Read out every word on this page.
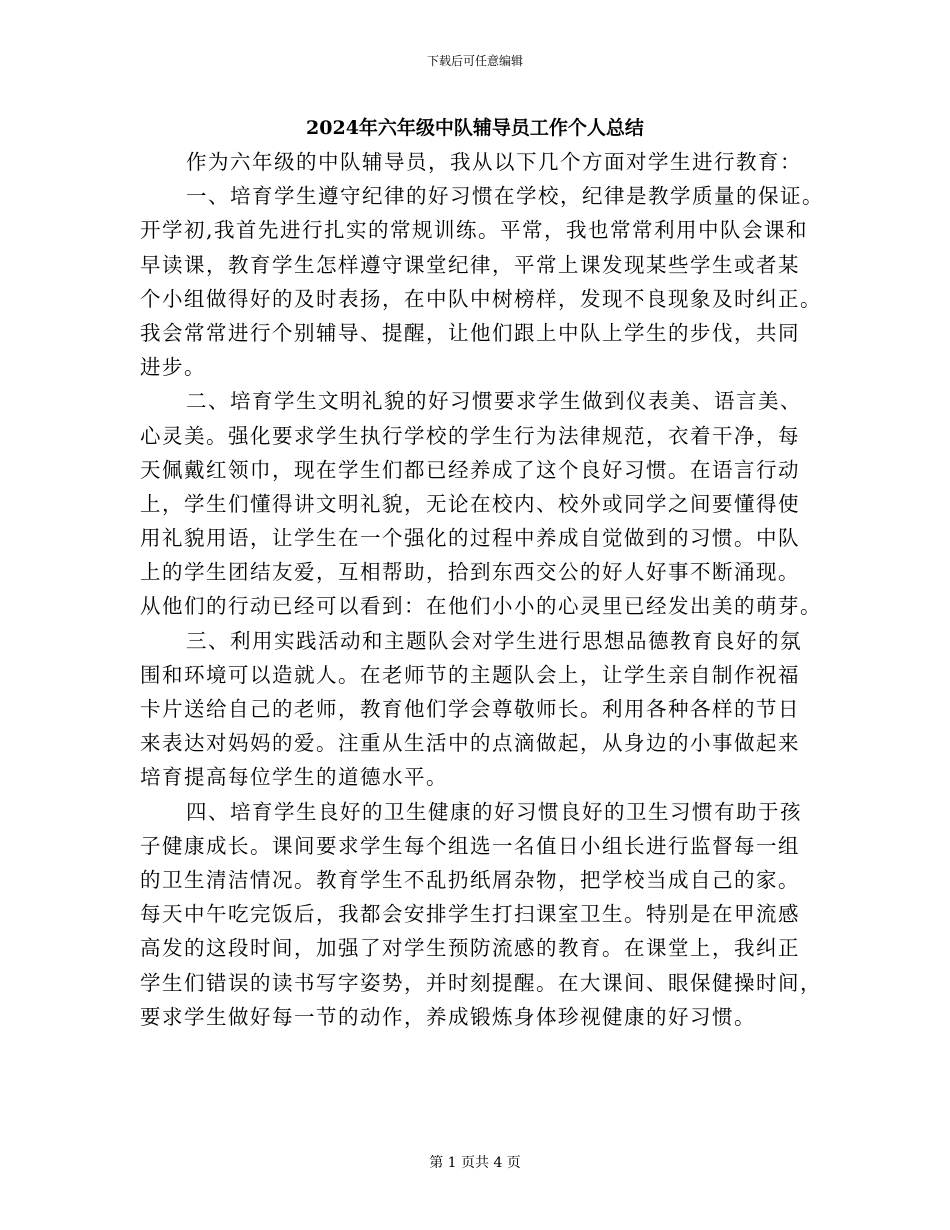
下载后可任意编辑
2024年六年级中队辅导员工作个人总结
作为六年级的中队辅导员，我从以下几个方面对学生进行教育：
一、培育学生遵守纪律的好习惯在学校，纪律是教学质量的保证。
开学初,我首先进行扎实的常规训练。平常，我也常常利用中队会课和
早读课，教育学生怎样遵守课堂纪律，平常上课发现某些学生或者某
个小组做得好的及时表扬，在中队中树榜样，发现不良现象及时纠正。
我会常常进行个别辅导、提醒，让他们跟上中队上学生的步伐，共同
进步。
二、培育学生文明礼貌的好习惯要求学生做到仪表美、语言美、
心灵美。强化要求学生执行学校的学生行为法律规范，衣着干净，每
天佩戴红领巾，现在学生们都已经养成了这个良好习惯。在语言行动
上，学生们懂得讲文明礼貌，无论在校内、校外或同学之间要懂得使
用礼貌用语，让学生在一个强化的过程中养成自觉做到的习惯。中队
上的学生团结友爱，互相帮助，拾到东西交公的好人好事不断涌现。
从他们的行动已经可以看到：在他们小小的心灵里已经发出美的萌芽。
三、利用实践活动和主题队会对学生进行思想品德教育良好的氛
围和环境可以造就人。在老师节的主题队会上，让学生亲自制作祝福
卡片送给自己的老师，教育他们学会尊敬师长。利用各种各样的节日
来表达对妈妈的爱。注重从生活中的点滴做起，从身边的小事做起来
培育提高每位学生的道德水平。
四、培育学生良好的卫生健康的好习惯良好的卫生习惯有助于孩
子健康成长。课间要求学生每个组选一名值日小组长进行监督每一组
的卫生清洁情况。教育学生不乱扔纸屑杂物，把学校当成自己的家。
每天中午吃完饭后，我都会安排学生打扫课室卫生。特别是在甲流感
高发的这段时间，加强了对学生预防流感的教育。在课堂上，我纠正
学生们错误的读书写字姿势，并时刻提醒。在大课间、眼保健操时间，
要求学生做好每一节的动作，养成锻炼身体珍视健康的好习惯。
第 1 页共 4 页
